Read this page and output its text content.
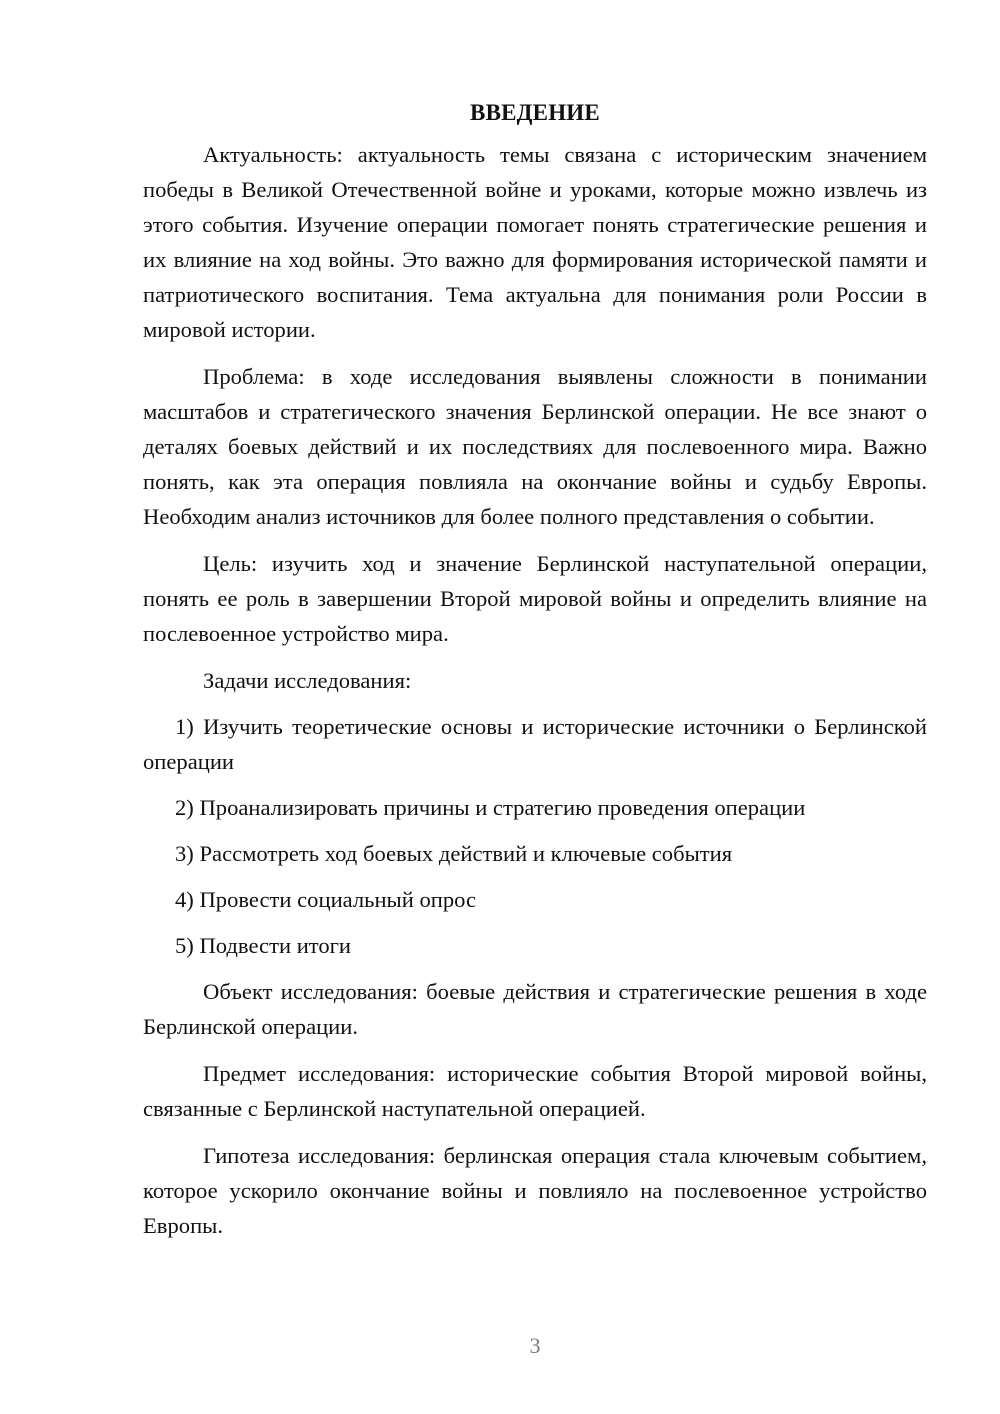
ВВЕДЕНИЕ

Актуальность: актуальность темы связана с историческим значением победы в Великой Отечественной войне и уроками, которые можно извлечь из этого события. Изучение операции помогает понять стратегические решения и их влияние на ход войны. Это важно для формирования исторической памяти и патриотического воспитания. Тема актуальна для понимания роли России в мировой истории.

Проблема: в ходе исследования выявлены сложности в понимании масштабов и стратегического значения Берлинской операции. Не все знают о деталях боевых действий и их последствиях для послевоенного мира. Важно понять, как эта операция повлияла на окончание войны и судьбу Европы. Необходим анализ источников для более полного представления о событии.

Цель: изучить ход и значение Берлинской наступательной операции, понять ее роль в завершении Второй мировой войны и определить влияние на послевоенное устройство мира.

Задачи исследования:

1) Изучить теоретические основы и исторические источники о Берлинской операции

2) Проанализировать причины и стратегию проведения операции

3) Рассмотреть ход боевых действий и ключевые события

4) Провести социальный опрос

5) Подвести итоги

Объект исследования: боевые действия и стратегические решения в ходе Берлинской операции.

Предмет исследования: исторические события Второй мировой войны, связанные с Берлинской наступательной операцией.

Гипотеза исследования: берлинская операция стала ключевым событием, которое ускорило окончание войны и повлияло на послевоенное устройство Европы.

3
